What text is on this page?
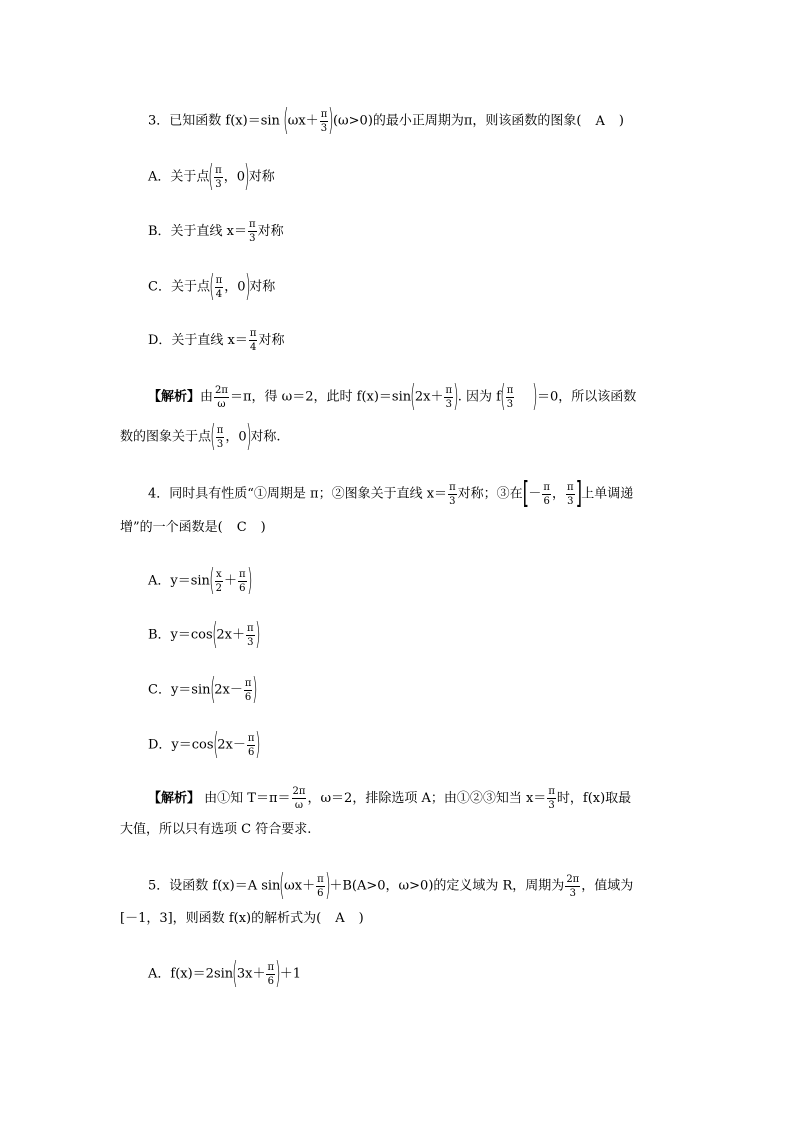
3．已知函数 f(x)＝sin $(\omega x+ \frac{\pi}{3} )(\omega>0)$的最小正周期为π，则该函数的图象( A )
A．关于点( $\frac{\pi}{3}$ ，0)对称
B．关于直线 $x= \frac{\pi}{3}$ 对称
C．关于点( $\frac{\pi}{4}$ ，0)对称
D．关于直线 $x= \frac{\pi}{4}$ 对称
【解析】由 $\frac{2\pi}{\omega} =\pi$，得 ω＝2，此时 $f(x)=\sin(2x+ \frac{\pi}{3}$ ). 因为 $f( \frac{\pi}{3} )=0$，所以该函数
数的图象关于点( $\frac{\pi}{3}$ ，0)对称.
4．同时具有性质“①周期是 π；②图象关于直线 $x= \frac{\pi}{3}$ 对称；③在[－ $\frac{\pi}{6}$ ， $\frac{\pi}{3}$ ]上单调递
增”的一个函数是( C )
A．$y=\sin( \frac{x}{2} + \frac{\pi}{6}$ )
B．$y=\cos(2x+ \frac{\pi}{3}$ )
C．$y=\sin(2x- \frac{\pi}{6}$ )
D．$y=\cos(2x- \frac{\pi}{6}$ )
【解析】 由①知 $T=\pi= \frac{2\pi}{\omega}$ ，ω＝2，排除选项 A；由①②③知当 $x= \frac{\pi}{3}$ 时，f(x)取最
大值，所以只有选项 C 符合要求.
5．设函数 f(x)＝A $\sin(\omega x+ \frac{\pi}{6} )+B(A>0$，ω>0)的定义域为 R，周期为 $\frac{2\pi}{3}$ ，值域为
[－1，3]，则函数 f(x)的解析式为( A )
A．$f(x)=2\sin(3x+ \frac{\pi}{6} )+1$
